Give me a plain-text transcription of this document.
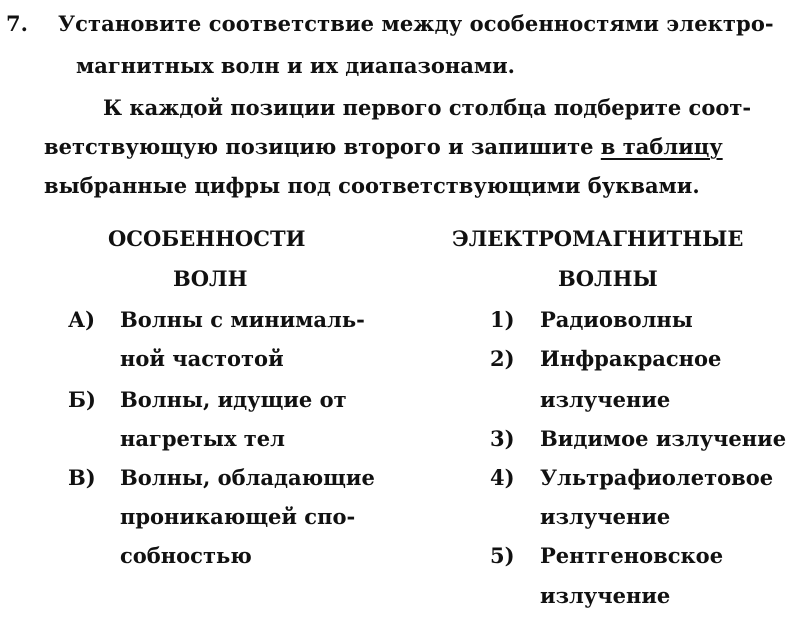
7. Установите соответствие между особенностями электро-
магнитных волн и их диапазонами.
К каждой позиции первого столбца подберите соот-
ветствующую позицию второго и запишите в таблицу
выбранные цифры под соответствующими буквами.
ОСОБЕННОСТИ
ВОЛН
ЭЛЕКТРОМАГНИТНЫЕ
ВОЛНЫ
А) Волны с минималь-
ной частотой
Б) Волны, идущие от
нагретых тел
В) Волны, обладающие
проникающей спо-
собностью
1) Радиоволны
2) Инфракрасное
излучение
3) Видимое излучение
4) Ультрафиолетовое
излучение
5) Рентгеновское
излучение
